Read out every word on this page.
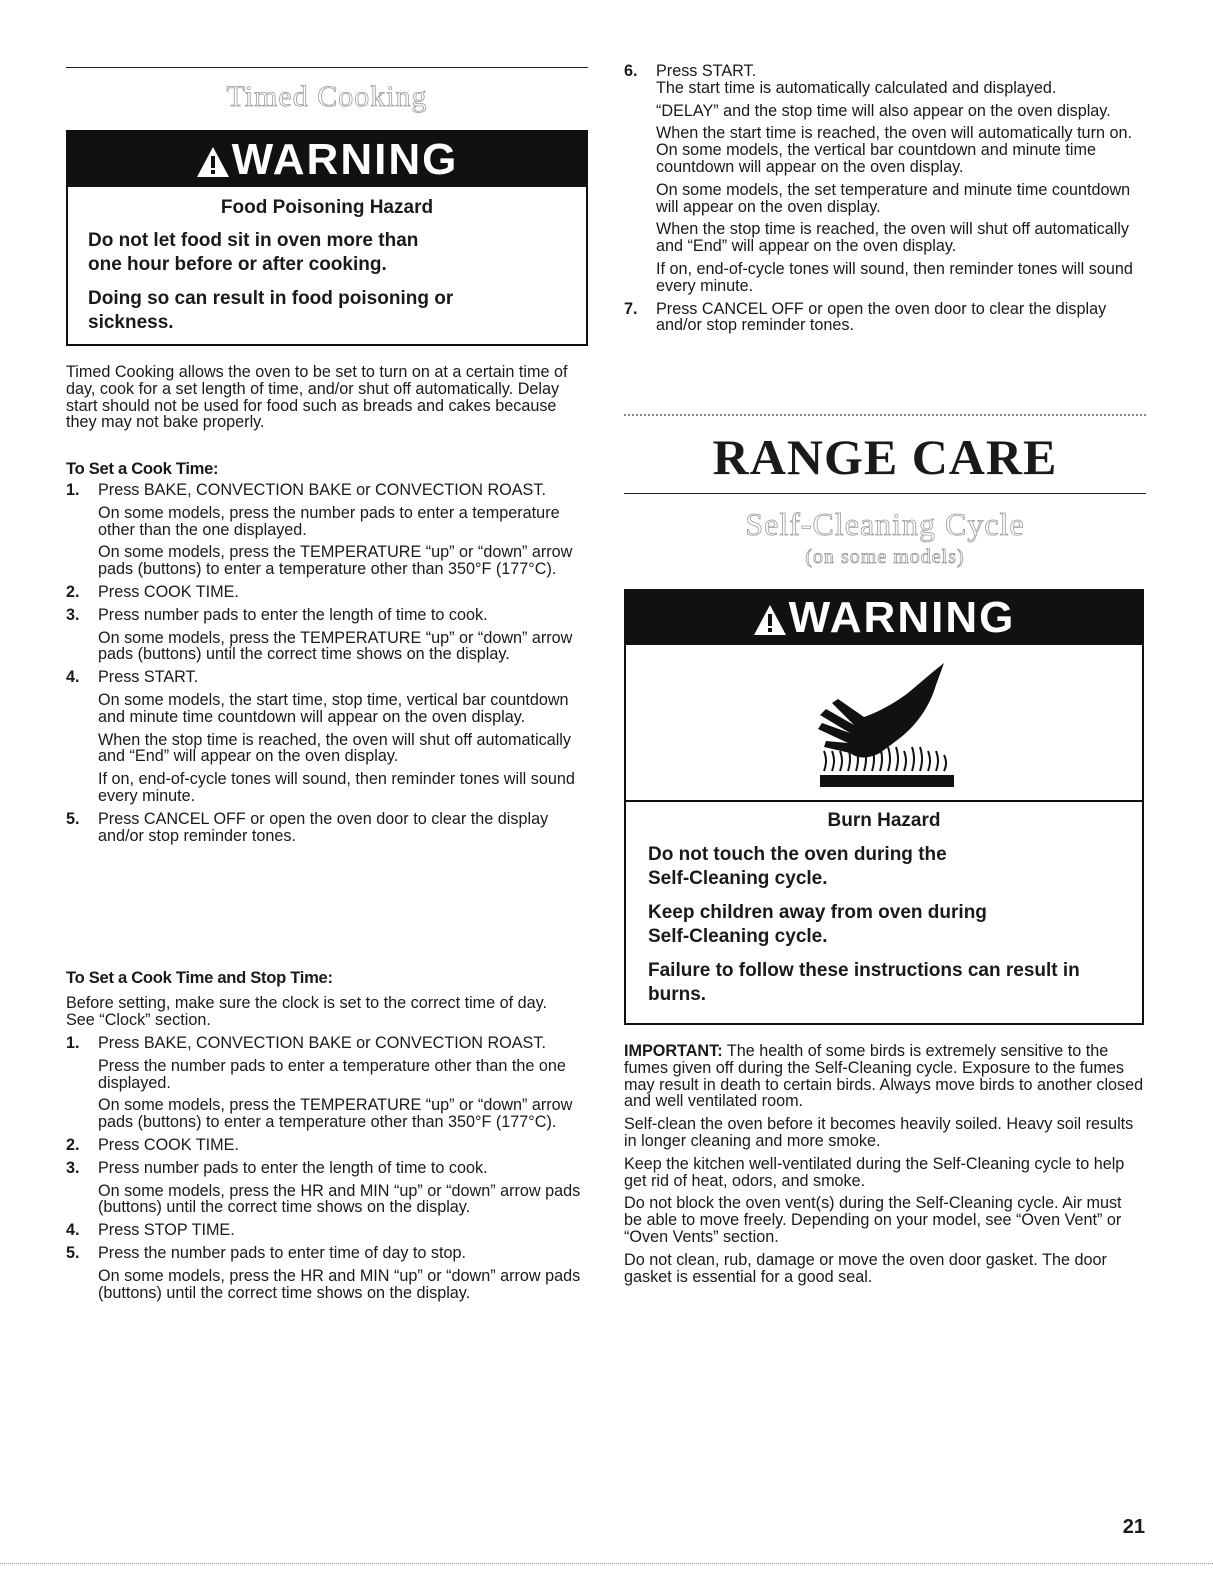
Timed Cooking
WARNING
Food Poisoning Hazard
Do not let food sit in oven more than one hour before or after cooking.
Doing so can result in food poisoning or sickness.

Timed Cooking allows the oven to be set to turn on at a certain time of day, cook for a set length of time, and/or shut off automatically. Delay start should not be used for food such as breads and cakes because they may not bake properly.

To Set a Cook Time:

1. Press BAKE, CONVECTION BAKE or CONVECTION ROAST.

On some models, press the number pads to enter a temperature other than the one displayed.

On some models, press the TEMPERATURE “up” or “down” arrow pads (buttons) to enter a temperature other than 350°F (177°C).

2. Press COOK TIME.

3. Press number pads to enter the length of time to cook.

On some models, press the TEMPERATURE “up” or “down” arrow pads (buttons) until the correct time shows on the display.

4. Press START.

On some models, the start time, stop time, vertical bar countdown and minute time countdown will appear on the oven display.

When the stop time is reached, the oven will shut off automatically and “End” will appear on the oven display.

If on, end-of-cycle tones will sound, then reminder tones will sound every minute.

5. Press CANCEL OFF or open the oven door to clear the display and/or stop reminder tones.

To Set a Cook Time and Stop Time:

Before setting, make sure the clock is set to the correct time of day. See “Clock” section.

1. Press BAKE, CONVECTION BAKE or CONVECTION ROAST.

Press the number pads to enter a temperature other than the one displayed.

On some models, press the TEMPERATURE “up” or “down” arrow pads (buttons) to enter a temperature other than 350°F (177°C).

2. Press COOK TIME.

3. Press number pads to enter the length of time to cook.

On some models, press the HR and MIN “up” or “down” arrow pads (buttons) until the correct time shows on the display.

4. Press STOP TIME.

5. Press the number pads to enter time of day to stop.

On some models, press the HR and MIN “up” or “down” arrow pads (buttons) until the correct time shows on the display.

6. Press START.
The start time is automatically calculated and displayed.

“DELAY” and the stop time will also appear on the oven display.

When the start time is reached, the oven will automatically turn on. On some models, the vertical bar countdown and minute time countdown will appear on the oven display.

On some models, the set temperature and minute time countdown will appear on the oven display.

When the stop time is reached, the oven will shut off automatically and “End” will appear on the oven display.

If on, end-of-cycle tones will sound, then reminder tones will sound every minute.

7. Press CANCEL OFF or open the oven door to clear the display and/or stop reminder tones.

RANGE CARE
Self-Cleaning Cycle
(on some models)
WARNING
Burn Hazard
Do not touch the oven during the Self-Cleaning cycle.
Keep children away from oven during Self-Cleaning cycle.
Failure to follow these instructions can result in burns.

IMPORTANT: The health of some birds is extremely sensitive to the fumes given off during the Self-Cleaning cycle. Exposure to the fumes may result in death to certain birds. Always move birds to another closed and well ventilated room.

Self-clean the oven before it becomes heavily soiled. Heavy soil results in longer cleaning and more smoke.

Keep the kitchen well-ventilated during the Self-Cleaning cycle to help get rid of heat, odors, and smoke.

Do not block the oven vent(s) during the Self-Cleaning cycle. Air must be able to move freely. Depending on your model, see “Oven Vent” or “Oven Vents” section.

Do not clean, rub, damage or move the oven door gasket. The door gasket is essential for a good seal.

21
